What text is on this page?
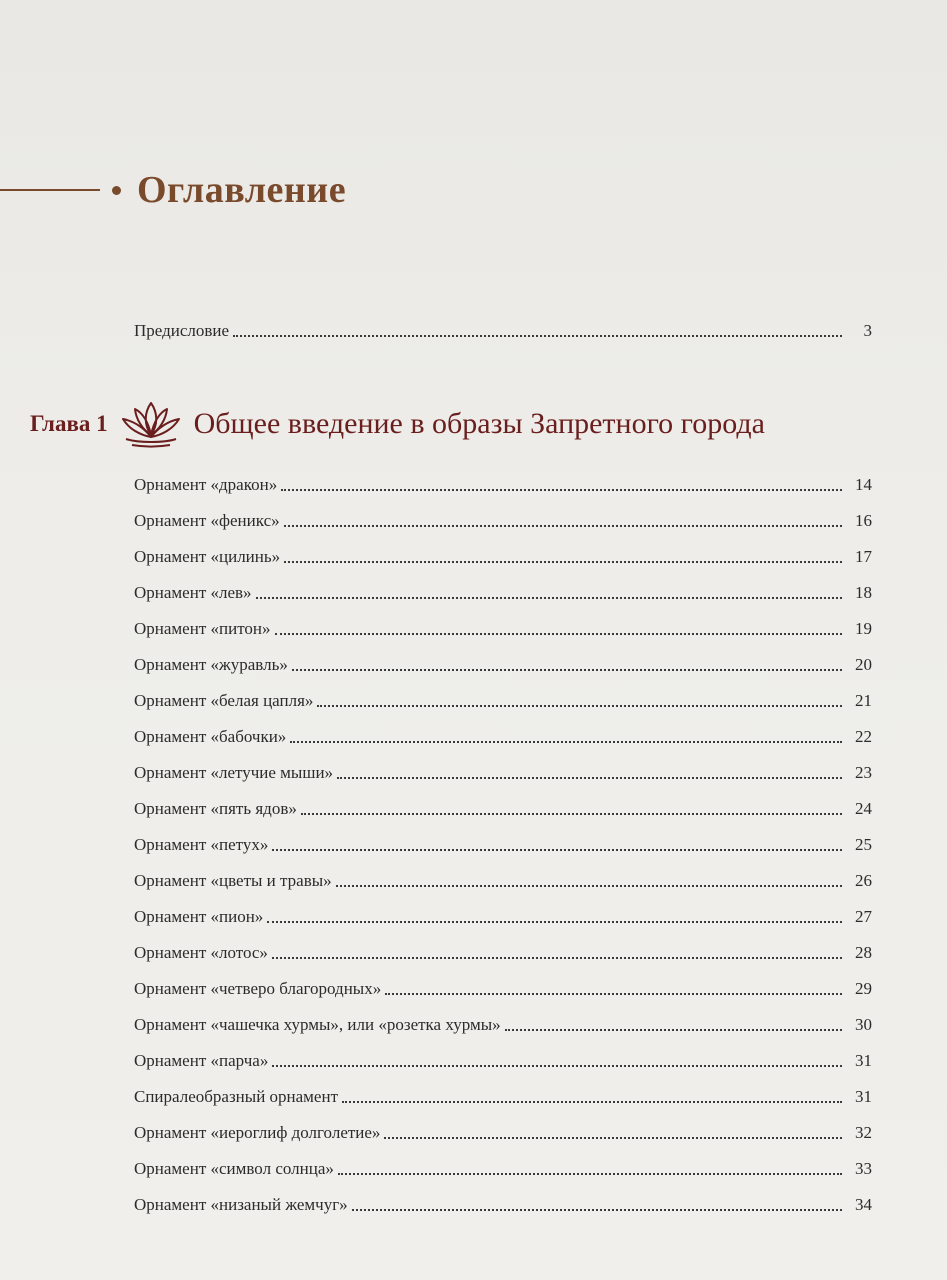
Оглавление
Предисловие	3
Глава 1	Общее введение в образы Запретного города
Орнамент «дракон»	14
Орнамент «феникс»	16
Орнамент «цилинь»	17
Орнамент «лев»	18
Орнамент «питон»	19
Орнамент «журавль»	20
Орнамент «белая цапля»	21
Орнамент «бабочки»	22
Орнамент «летучие мыши»	23
Орнамент «пять ядов»	24
Орнамент «петух»	25
Орнамент «цветы и травы»	26
Орнамент «пион»	27
Орнамент «лотос»	28
Орнамент «четверо благородных»	29
Орнамент «чашечка хурмы», или «розетка хурмы»	30
Орнамент «парча»	31
Спиралеобразный орнамент	31
Орнамент «иероглиф долголетие»	32
Орнамент «символ солнца»	33
Орнамент «низаный жемчуг»	34
